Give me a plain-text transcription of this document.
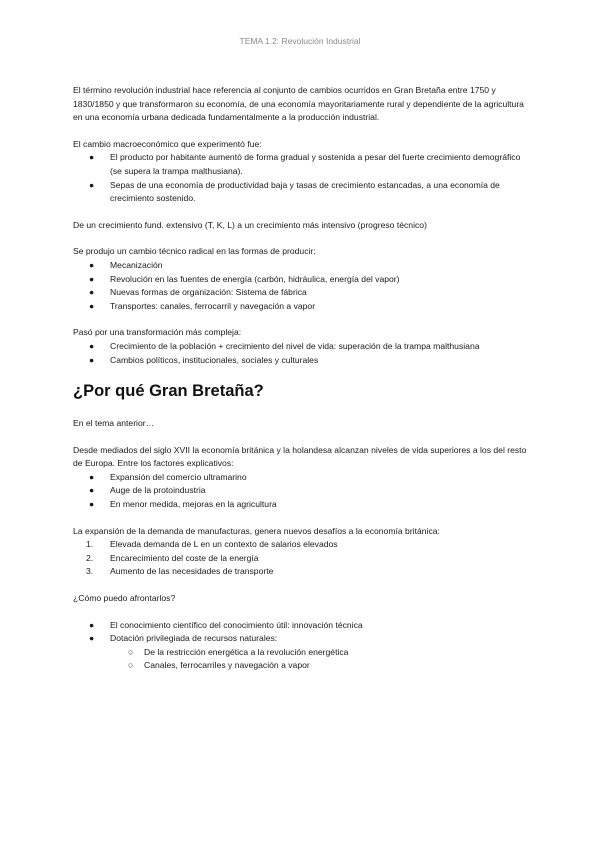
TEMA 1.2: Revolución Industrial

El término revolución industrial hace referencia al conjunto de cambios ocurridos en Gran Bretaña entre 1750 y 1830/1850 y que transformaron su economía, de una economía mayoritariamente rural y dependiente de la agricultura en una economía urbana dedicada fundamentalmente a la producción industrial.

El cambio macroeconómico que experimentó fue:

●	El producto por habitante aumentó de forma gradual y sostenida a pesar del fuerte crecimiento demográfico (se supera la trampa malthusiana).
●	Sepas de una economía de productividad baja y tasas de crecimiento estancadas, a una economía de crecimiento sostenido.

De un crecimiento fund. extensivo (T, K, L) a un crecimiento más intensivo (progreso técnico)

Se produjo un cambio técnico radical en las formas de producir:

●	Mecanización
●	Revolución en las fuentes de energía (carbón, hidráulica, energía del vapor)
●	Nuevas formas de organización: Sistema de fábrica
●	Transportes: canales, ferrocarril y navegación a vapor

Pasó por una transformación más compleja:

●	Crecimiento de la población + crecimiento del nivel de vida: superación de la trampa malthusiana
●	Cambios políticos, institucionales, sociales y culturales
¿Por qué Gran Bretaña?

En el tema anterior…

Desde mediados del siglo XVII la economía británica y la holandesa alcanzan niveles de vida superiores a los del resto de Europa. Entre los factores explicativos:

●	Expansión del comercio ultramarino
●	Auge de la protoindustria
●	En menor medida, mejoras en la agricultura

La expansión de la demanda de manufacturas, genera nuevos desafíos a la economía británica:

1.	Elevada demanda de L en un contexto de salarios elevados
2.	Encarecimiento del coste de la energía
3.	Aumento de las necesidades de transporte

¿Cómo puedo afrontarlos?

●	El conocimiento científico del conocimiento útil: innovación técnica
●	Dotación privilegiada de recursos naturales:
○	De la restricción energética a la revolución energética
○	Canales, ferrocarriles y navegación a vapor
